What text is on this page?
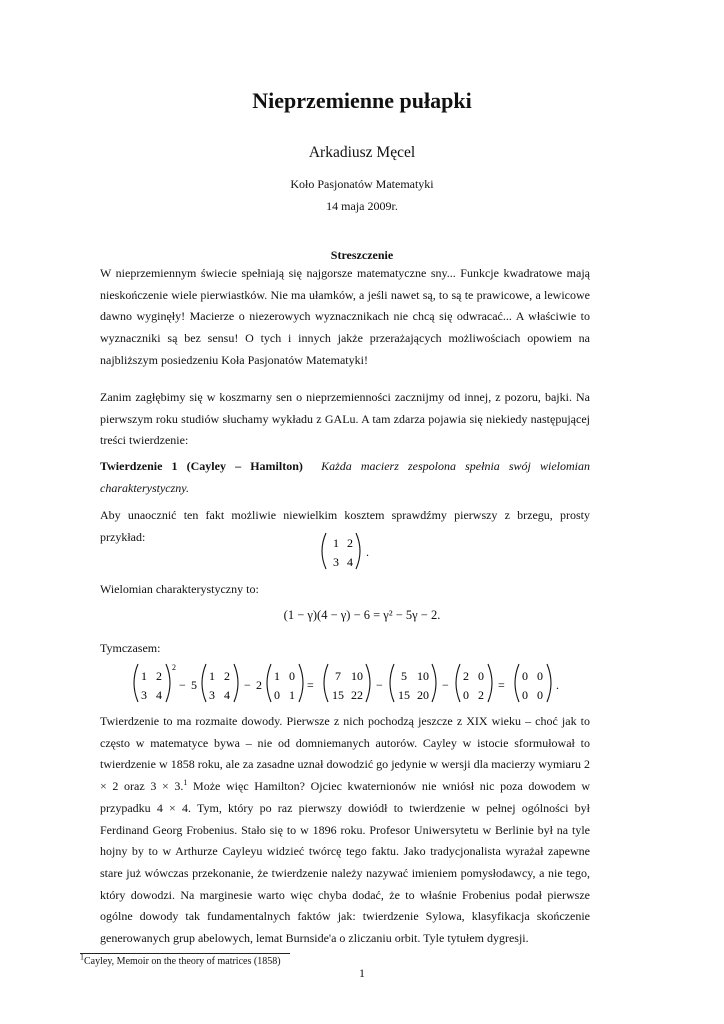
Nieprzemienne pułapki
Arkadiusz Męcel
Koło Pasjonatów Matematyki
14 maja 2009r.
Streszczenie

W nieprzemiennym świecie spełniają się najgorsze matematyczne sny... Funkcje kwadratowe mają nieskończenie wiele pierwiastków. Nie ma ułamków, a jeśli nawet są, to są te prawicowe, a lewicowe dawno wyginęły! Macierze o niezerowych wyznacznikach nie chcą się odwracać... A właściwie to wyznaczniki są bez sensu! O tych i innych jakże przerażających możliwościach opowiem na najbliższym posiedzeniu Koła Pasjonatów Matematyki!

Zanim zagłębimy się w koszmarny sen o nieprzemienności zacznijmy od innej, z pozoru, bajki. Na pierwszym roku studiów słuchamy wykładu z GALu. A tam zdarza pojawia się niekiedy następującej treści twierdzenie:

Twierdzenie 1 (Cayley – Hamilton) Każda macierz zespolona spełnia swój wielomian charakterystyczny.

Aby unaocznić ten fakt możliwie niewielkim kosztem sprawdźmy pierwszy z brzegu, prosty przykład:	1 2
3 4
.

Wielomian charakterystyczny to:

(1 − γ)(4 − γ) − 6 = γ² − 5γ − 2.

Tymczasem:

1 2
3 4
2
− 5
1 2
3 4
− 2
1 0
0 1
=
7 10
15 22
−
5 10
15 20
−
2 0
0 2
=
0 0
0 0
.

Twierdzenie to ma rozmaite dowody. Pierwsze z nich pochodzą jeszcze z XIX wieku – choć jak to często w matematyce bywa – nie od domniemanych autorów. Cayley w istocie sformułował to twierdzenie w 1858 roku, ale za zasadne uznał dowodzić go jedynie w wersji dla macierzy wymiaru 2 × 2 oraz 3 × 3.$^1$ Może więc Hamilton? Ojciec kwaternionów nie wniósł nic poza dowodem w przypadku 4 × 4. Tym, który po raz pierwszy dowiódł to twierdzenie w pełnej ogólności był Ferdinand Georg Frobenius. Stało się to w 1896 roku. Profesor Uniwersytetu w Berlinie był na tyle hojny by to w Arthurze Cayleyu widzieć twórcę tego faktu. Jako tradycjonalista wyrażał zapewne stare już wówczas przekonanie, że twierdzenie należy nazywać imieniem pomysłodawcy, a nie tego, który dowodzi. Na marginesie warto więc chyba dodać, że to właśnie Frobenius podał pierwsze ogólne dowody tak fundamentalnych faktów jak: twierdzenie Sylowa, klasyfikacja skończenie generowanych grup abelowych, lemat Burnside'a o zliczaniu orbit. Tyle tytułem dygresji.

$^1$Cayley, Memoir on the theory of matrices (1858)
1
